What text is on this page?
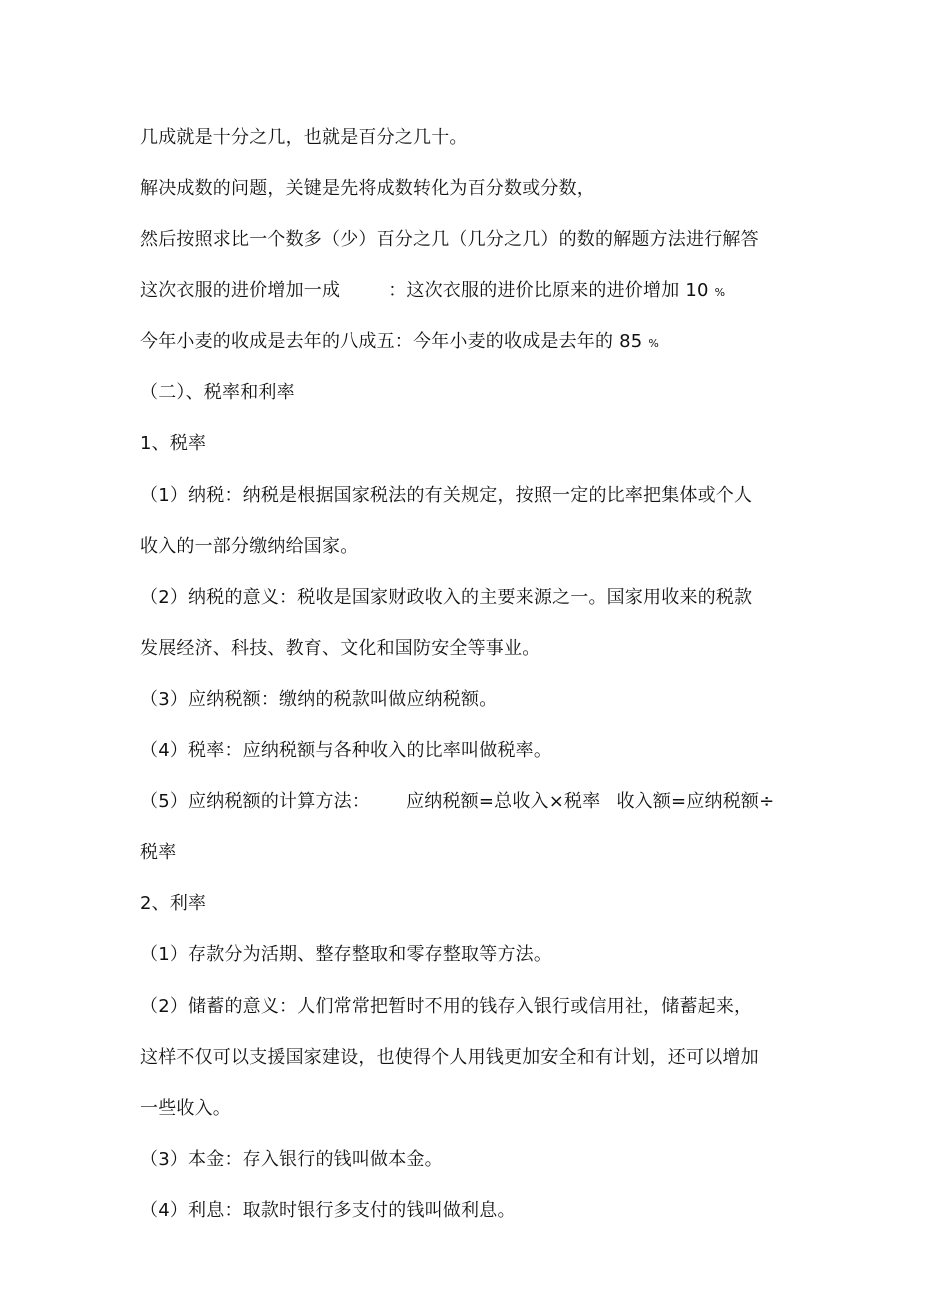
几成就是十分之几，也就是百分之几十。
解决成数的问题，关键是先将成数转化为百分数或分数，
然后按照求比一个数多（少）百分之几（几分之几）的数的解题方法进行解答
这次衣服的进价增加一成	：这次衣服的进价比原来的进价增加 10 %
今年小麦的收成是去年的八成五：今年小麦的收成是去年的 85 %
（二）、税率和利率
1、税率
（1）纳税：纳税是根据国家税法的有关规定，按照一定的比率把集体或个人
收入的一部分缴纳给国家。
（2）纳税的意义：税收是国家财政收入的主要来源之一。国家用收来的税款
发展经济、科技、教育、文化和国防安全等事业。
（3）应纳税额：缴纳的税款叫做应纳税额。
（4）税率：应纳税额与各种收入的比率叫做税率。
（5）应纳税额的计算方法： 应纳税额=总收入×税率 收入额=应纳税额÷
税率
2、利率
（1）存款分为活期、整存整取和零存整取等方法。
（2）储蓄的意义：人们常常把暂时不用的钱存入银行或信用社，储蓄起来，
这样不仅可以支援国家建设，也使得个人用钱更加安全和有计划，还可以增加
一些收入。
（3）本金：存入银行的钱叫做本金。
（4）利息：取款时银行多支付的钱叫做利息。
